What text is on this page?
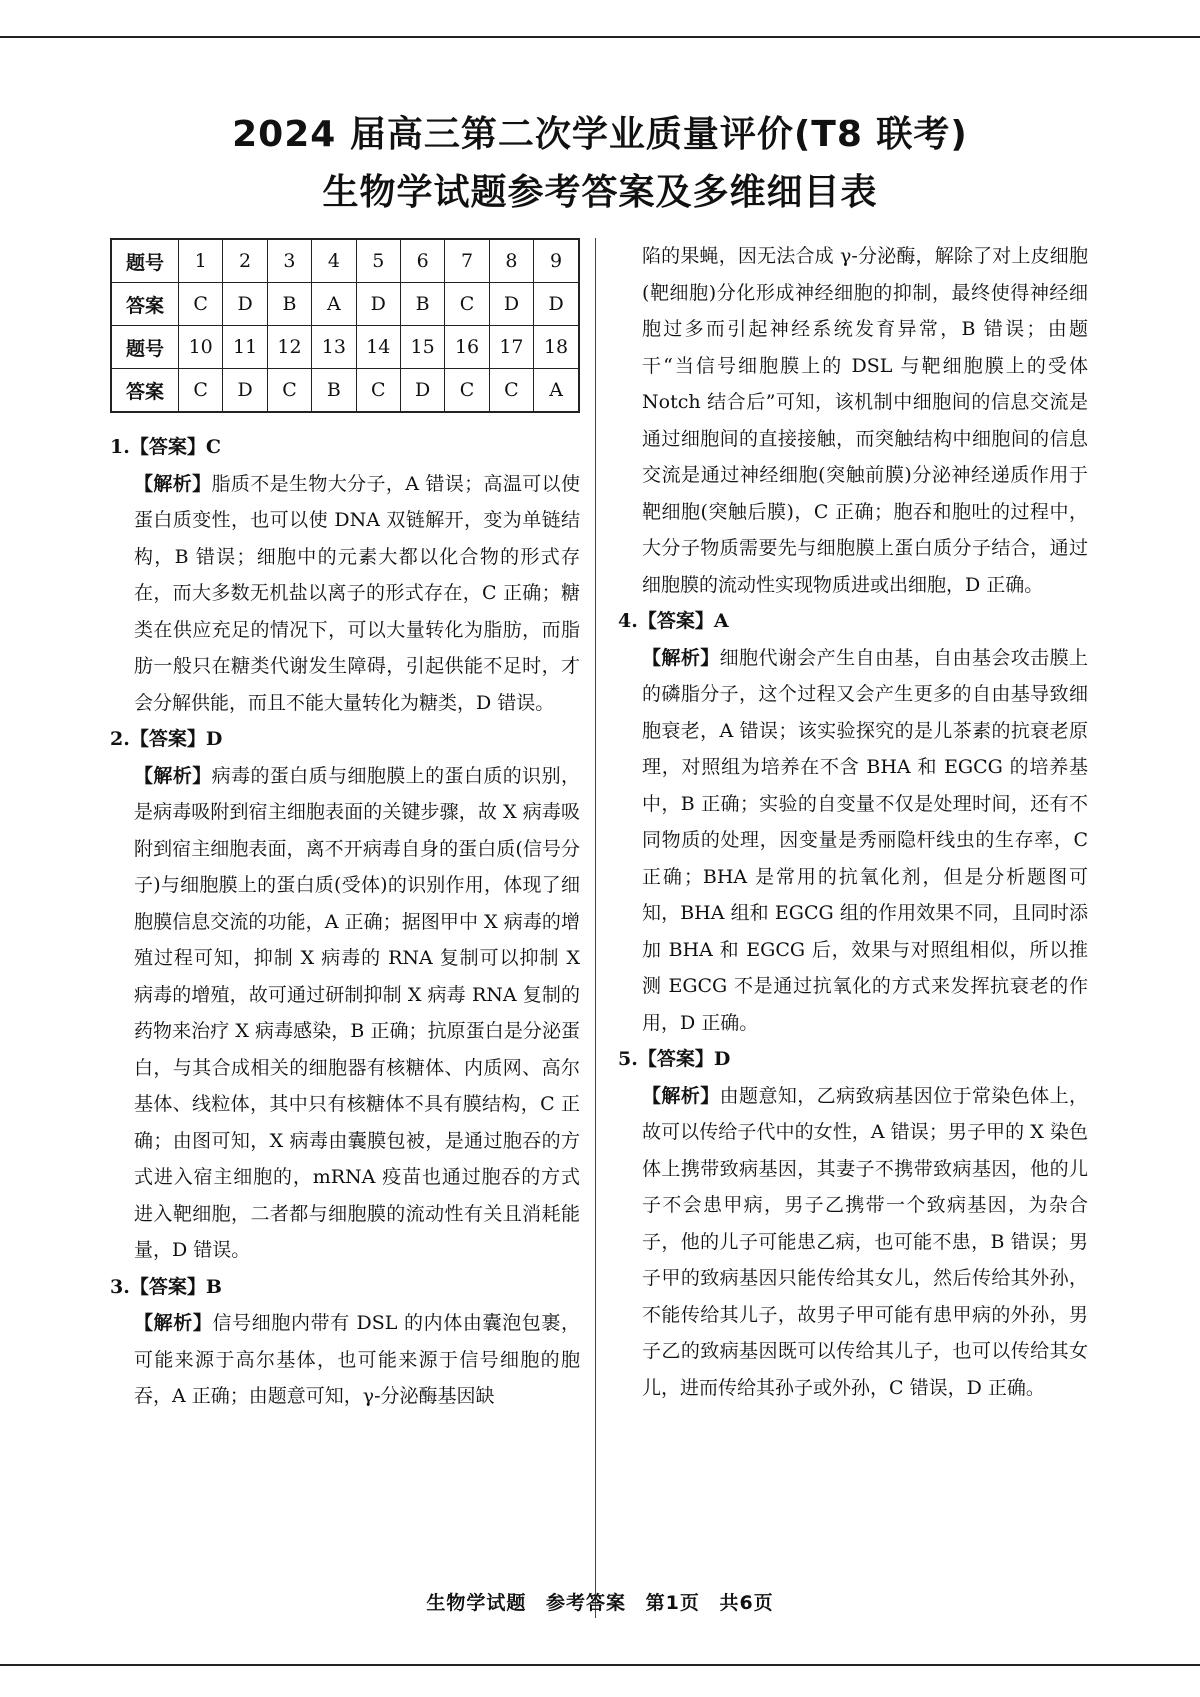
2024 届高三第二次学业质量评价(T8 联考)
生物学试题参考答案及多维细目表
题号	1	2	3	4	5	6	7	8	9
答案	C	D	B	A	D	B	C	D	D
题号	10	11	12	13	14	15	16	17	18
答案	C	D	C	B	C	D	C	C	A
1.【答案】C
【解析】脂质不是生物大分子，A 错误；高温可以使蛋白质变性，也可以使 DNA 双链解开，变为单链结构，B 错误；细胞中的元素大都以化合物的形式存在，而大多数无机盐以离子的形式存在，C 正确；糖类在供应充足的情况下，可以大量转化为脂肪，而脂肪一般只在糖类代谢发生障碍，引起供能不足时，才会分解供能，而且不能大量转化为糖类，D 错误。
2.【答案】D
【解析】病毒的蛋白质与细胞膜上的蛋白质的识别，是病毒吸附到宿主细胞表面的关键步骤，故 X 病毒吸附到宿主细胞表面，离不开病毒自身的蛋白质(信号分子)与细胞膜上的蛋白质(受体)的识别作用，体现了细胞膜信息交流的功能，A 正确；据图甲中 X 病毒的增殖过程可知，抑制 X 病毒的 RNA 复制可以抑制 X 病毒的增殖，故可通过研制抑制 X 病毒 RNA 复制的药物来治疗 X 病毒感染，B 正确；抗原蛋白是分泌蛋白，与其合成相关的细胞器有核糖体、内质网、高尔基体、线粒体，其中只有核糖体不具有膜结构，C 正确；由图可知，X 病毒由囊膜包被，是通过胞吞的方式进入宿主细胞的，mRNA 疫苗也通过胞吞的方式进入靶细胞，二者都与细胞膜的流动性有关且消耗能量，D 错误。
3.【答案】B
【解析】信号细胞内带有 DSL 的内体由囊泡包裹，可能来源于高尔基体，也可能来源于信号细胞的胞吞，A 正确；由题意可知，γ-分泌酶基因缺
陷的果蝇，因无法合成 γ-分泌酶，解除了对上皮细胞(靶细胞)分化形成神经细胞的抑制，最终使得神经细胞过多而引起神经系统发育异常，B 错误；由题干“当信号细胞膜上的 DSL 与靶细胞膜上的受体 Notch 结合后”可知，该机制中细胞间的信息交流是通过细胞间的直接接触，而突触结构中细胞间的信息交流是通过神经细胞(突触前膜)分泌神经递质作用于靶细胞(突触后膜)，C 正确；胞吞和胞吐的过程中，大分子物质需要先与细胞膜上蛋白质分子结合，通过细胞膜的流动性实现物质进或出细胞，D 正确。
4.【答案】A
【解析】细胞代谢会产生自由基，自由基会攻击膜上的磷脂分子，这个过程又会产生更多的自由基导致细胞衰老，A 错误；该实验探究的是儿茶素的抗衰老原理，对照组为培养在不含 BHA 和 EGCG 的培养基中，B 正确；实验的自变量不仅是处理时间，还有不同物质的处理，因变量是秀丽隐杆线虫的生存率，C 正确；BHA 是常用的抗氧化剂，但是分析题图可知，BHA 组和 EGCG 组的作用效果不同，且同时添加 BHA 和 EGCG 后，效果与对照组相似，所以推测 EGCG 不是通过抗氧化的方式来发挥抗衰老的作用，D 正确。
5.【答案】D
【解析】由题意知，乙病致病基因位于常染色体上，故可以传给子代中的女性，A 错误；男子甲的 X 染色体上携带致病基因，其妻子不携带致病基因，他的儿子不会患甲病，男子乙携带一个致病基因，为杂合子，他的儿子可能患乙病，也可能不患，B 错误；男子甲的致病基因只能传给其女儿，然后传给其外孙，不能传给其儿子，故男子甲可能有患甲病的外孙，男子乙的致病基因既可以传给其儿子，也可以传给其女儿，进而传给其孙子或外孙，C 错误，D 正确。
生物学试题 参考答案 第1页 共6页
